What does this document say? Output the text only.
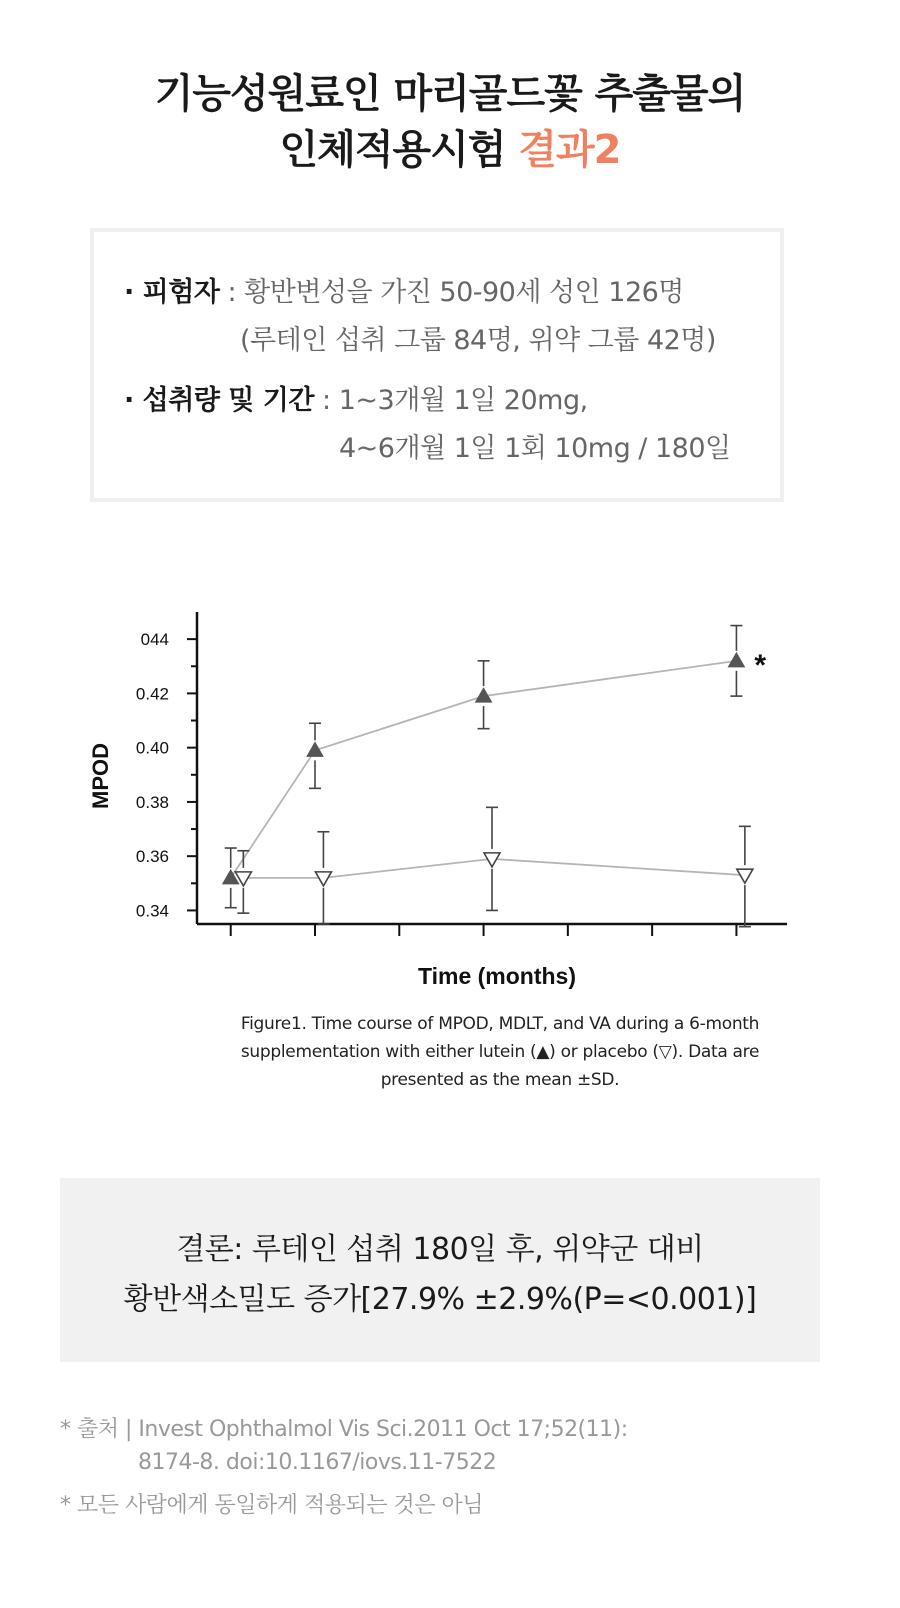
기능성원료인 마리골드꽃 추출물의
인체적용시험 결과2
· 피험자 : 황반변성을 가진 50-90세 성인 126명
(루테인 섭취 그룹 84명, 위약 그룹 42명)
· 섭취량 및 기간 : 1~3개월 1일 20mg,
4~6개월 1일 1회 10mg / 180일
0.34
0.36
0.38
0.40
0.42
044
MPOD
Time (months)
*
Figure1. Time course of MPOD, MDLT, and VA during a 6-month
supplementation with either lutein (▲) or placebo (▽). Data are
presented as the mean ±SD.
결론: 루테인 섭취 180일 후, 위약군 대비
황반색소밀도 증가[27.9% ±2.9%(P=<0.001)]
* 출처 | Invest Ophthalmol Vis Sci.2011 Oct 17;52(11):
8174-8. doi:10.1167/iovs.11-7522
* 모든 사람에게 동일하게 적용되는 것은 아님
